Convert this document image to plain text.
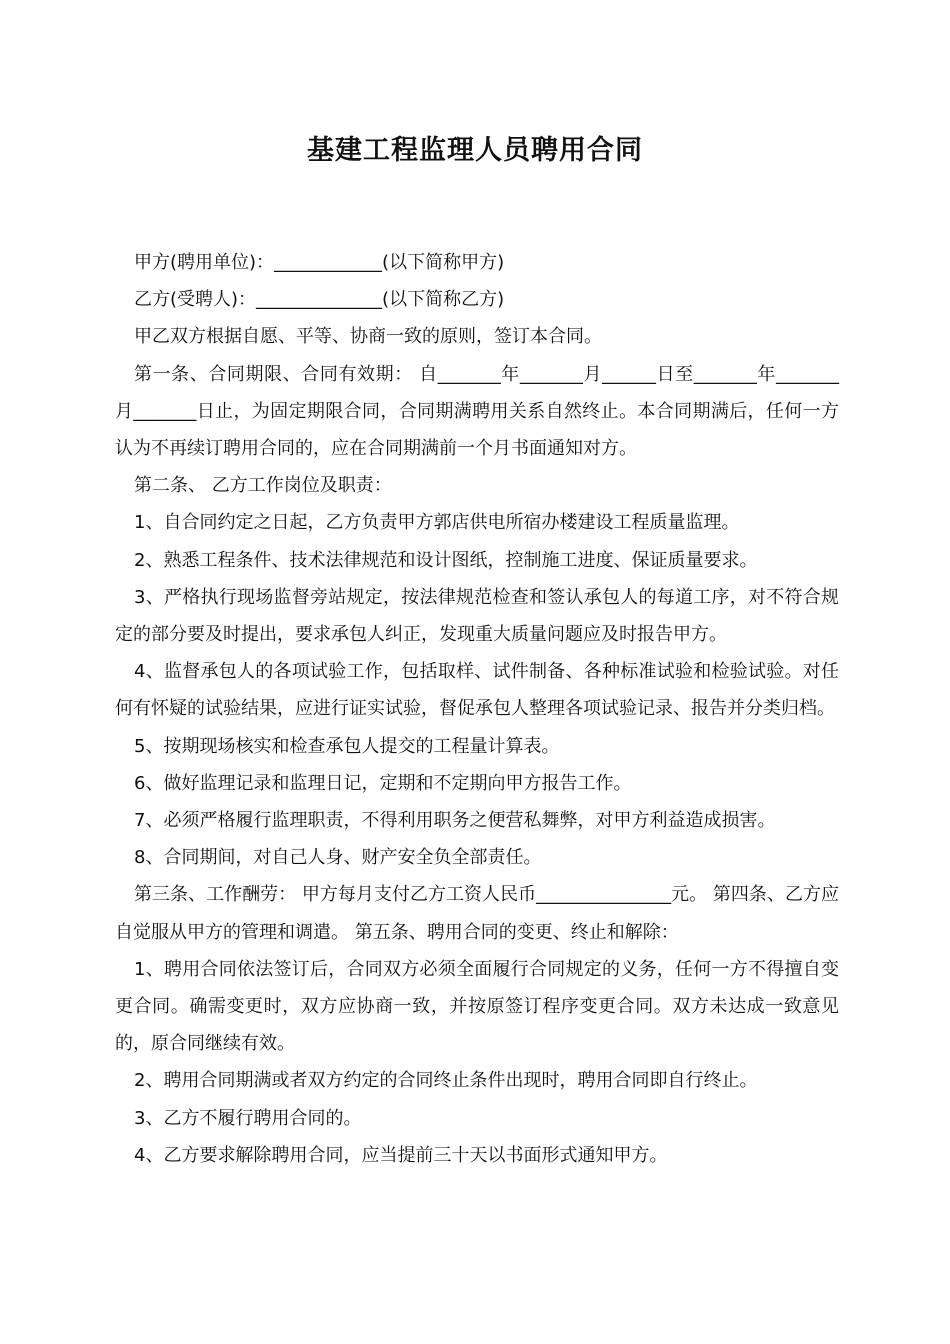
基建工程监理人员聘用合同

甲方(聘用单位)：____________(以下简称甲方)

乙方(受聘人)：______________(以下简称乙方)

甲乙双方根据自愿、平等、协商一致的原则，签订本合同。

第一条、合同期限、合同有效期： 自_______年_______月______日至_______年_______月_______日止，为固定期限合同，合同期满聘用关系自然终止。本合同期满后，任何一方认为不再续订聘用合同的，应在合同期满前一个月书面通知对方。

第二条、 乙方工作岗位及职责：

1、自合同约定之日起，乙方负责甲方郭店供电所宿办楼建设工程质量监理。

2、熟悉工程条件、技术法律规范和设计图纸，控制施工进度、保证质量要求。

3、严格执行现场监督旁站规定，按法律规范检查和签认承包人的每道工序，对不符合规定的部分要及时提出，要求承包人纠正，发现重大质量问题应及时报告甲方。

4、监督承包人的各项试验工作，包括取样、试件制备、各种标准试验和检验试验。对任何有怀疑的试验结果，应进行证实试验，督促承包人整理各项试验记录、报告并分类归档。

5、按期现场核实和检查承包人提交的工程量计算表。

6、做好监理记录和监理日记，定期和不定期向甲方报告工作。

7、必须严格履行监理职责，不得利用职务之便营私舞弊，对甲方利益造成损害。

8、合同期间，对自己人身、财产安全负全部责任。

第三条、工作酬劳： 甲方每月支付乙方工资人民币_______________元。 第四条、乙方应自觉服从甲方的管理和调遣。 第五条、聘用合同的变更、终止和解除：

1、聘用合同依法签订后，合同双方必须全面履行合同规定的义务，任何一方不得擅自变更合同。确需变更时，双方应协商一致，并按原签订程序变更合同。双方未达成一致意见的，原合同继续有效。

2、聘用合同期满或者双方约定的合同终止条件出现时，聘用合同即自行终止。

3、乙方不履行聘用合同的。

4、乙方要求解除聘用合同，应当提前三十天以书面形式通知甲方。
